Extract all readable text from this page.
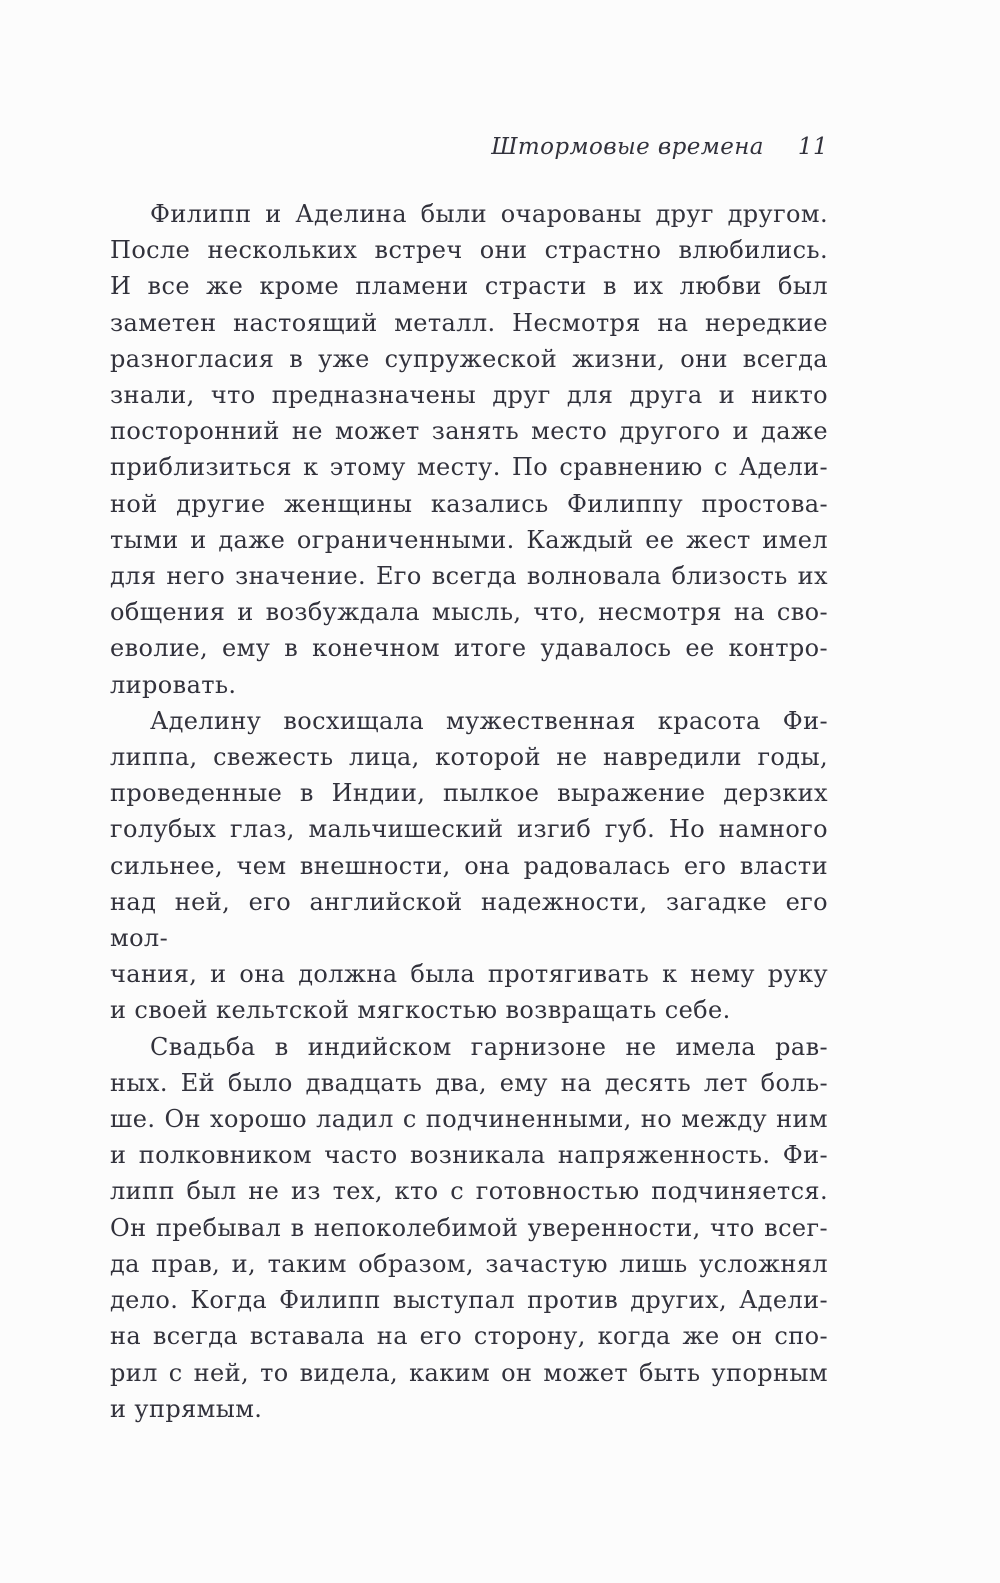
Штормовые времена 11
Филипп и Аделина были очарованы друг другом.
После нескольких встреч они страстно влюбились.
И все же кроме пламени страсти в их любви был
заметен настоящий металл. Несмотря на нередкие
разногласия в уже супружеской жизни, они всегда
знали, что предназначены друг для друга и никто
посторонний не может занять место другого и даже
приблизиться к этому месту. По сравнению с Адели-
ной другие женщины казались Филиппу простова-
тыми и даже ограниченными. Каждый ее жест имел
для него значение. Его всегда волновала близость их
общения и возбуждала мысль, что, несмотря на сво-
еволие, ему в конечном итоге удавалось ее контро-
лировать.
Аделину восхищала мужественная красота Фи-
липпа, свежесть лица, которой не навредили годы,
проведенные в Индии, пылкое выражение дерзких
голубых глаз, мальчишеский изгиб губ. Но намного
сильнее, чем внешности, она радовалась его власти
над ней, его английской надежности, загадке его мол-
чания, и она должна была протягивать к нему руку
и своей кельтской мягкостью возвращать себе.
Свадьба в индийском гарнизоне не имела рав-
ных. Ей было двадцать два, ему на десять лет боль-
ше. Он хорошо ладил с подчиненными, но между ним
и полковником часто возникала напряженность. Фи-
липп был не из тех, кто с готовностью подчиняется.
Он пребывал в непоколебимой уверенности, что всег-
да прав, и, таким образом, зачастую лишь усложнял
дело. Когда Филипп выступал против других, Адели-
на всегда вставала на его сторону, когда же он спо-
рил с ней, то видела, каким он может быть упорным
и упрямым.
